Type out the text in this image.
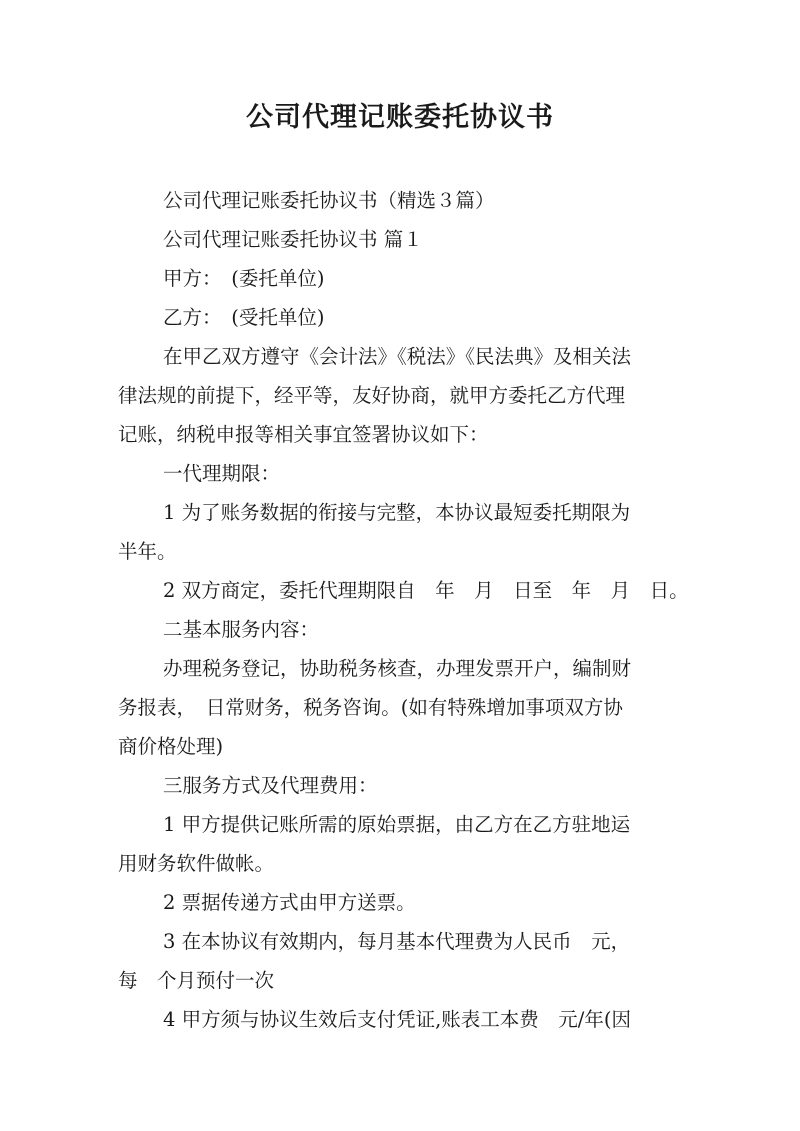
公司代理记账委托协议书
公司代理记账委托协议书（精选３篇）
公司代理记账委托协议书 篇１
甲方：　(委托单位)
乙方：　(受托单位)
在甲乙双方遵守《会计法》《税法》《民法典》及相关法
律法规的前提下，经平等，友好协商，就甲方委托乙方代理
记账，纳税申报等相关事宜签署协议如下：
一代理期限：
1 为了账务数据的衔接与完整，本协议最短委托期限为
半年。
2 双方商定，委托代理期限自　年　月　日至　年　月　日。
二基本服务内容：
办理税务登记，协助税务核查，办理发票开户，编制财
务报表，　日常财务，税务咨询。(如有特殊增加事项双方协
商价格处理)
三服务方式及代理费用：
1 甲方提供记账所需的原始票据，由乙方在乙方驻地运
用财务软件做帐。
2 票据传递方式由甲方送票。
3 在本协议有效期内，每月基本代理费为人民币　元，
每　个月预付一次
4 甲方须与协议生效后支付凭证,账表工本费　元/年(因
